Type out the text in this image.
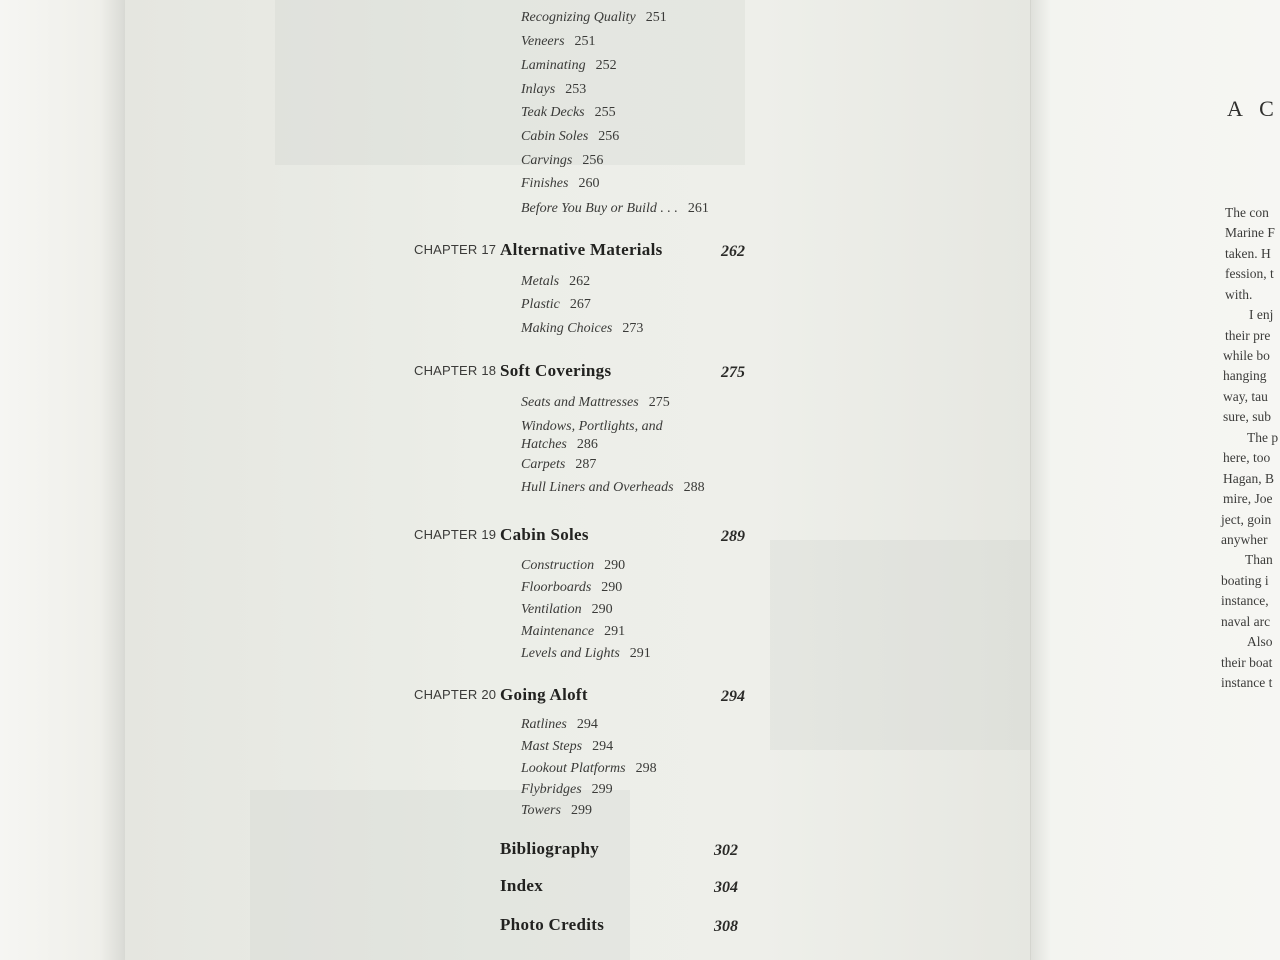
A C
The con
Marine F
taken. H
fession, t
with.
I enj
their pre
while bo
hanging
way, tau
sure, sub
The p
here, too
Hagan, B
mire, Joe
ject, goin
anywher
Than
boating i
instance,
naval arc
Also
their boat
instance t
Recognizing Quality 251
Veneers 251
Laminating 252
Inlays 253
Teak Decks 255
Cabin Soles 256
Carvings 256
Finishes 260
Before You Buy or Build . . . 261
CHAPTER 17 Alternative Materials	262
Metals 262
Plastic 267
Making Choices 273
CHAPTER 18 Soft Coverings	275
Seats and Mattresses 275
Windows, Portlights, and Hatches 286
Carpets 287
Hull Liners and Overheads 288
CHAPTER 19 Cabin Soles	289
Construction 290
Floorboards 290
Ventilation 290
Maintenance 291
Levels and Lights 291
CHAPTER 20 Going Aloft	294
Ratlines 294
Mast Steps 294
Lookout Platforms 298
Flybridges 299
Towers 299
Bibliography	302
Index	304
Photo Credits	308
